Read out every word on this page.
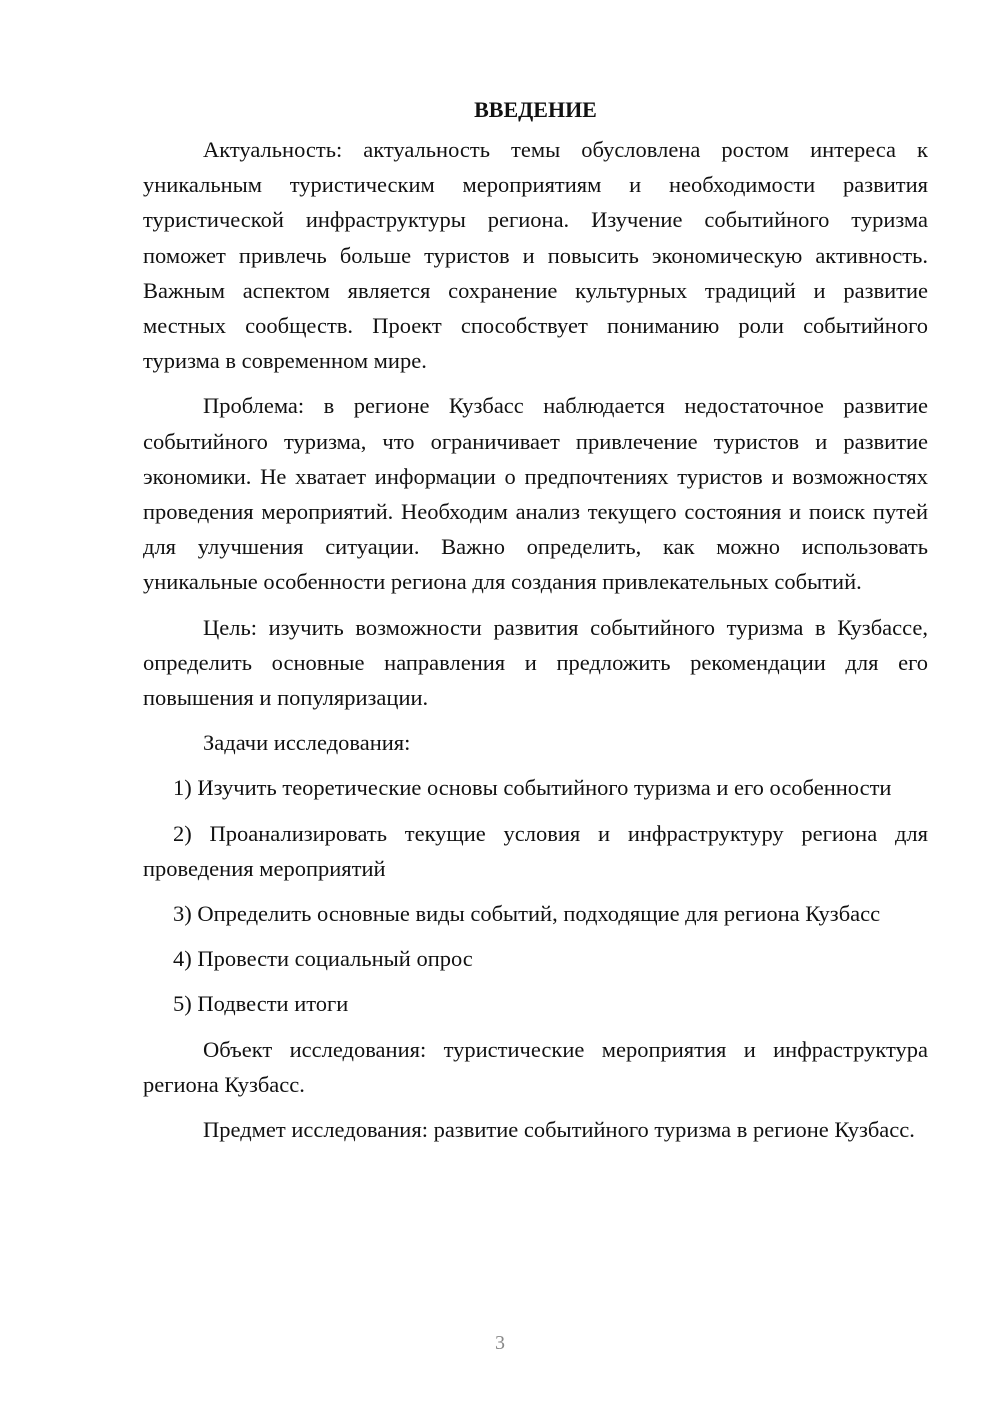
ВВЕДЕНИЕ

Актуальность: актуальность темы обусловлена ростом интереса к уникальным туристическим мероприятиям и необходимости развития туристической инфраструктуры региона. Изучение событийного туризма поможет привлечь больше туристов и повысить экономическую активность. Важным аспектом является сохранение культурных традиций и развитие местных сообществ. Проект способствует пониманию роли событийного туризма в современном мире.

Проблема: в регионе Кузбасс наблюдается недостаточное развитие событийного туризма, что ограничивает привлечение туристов и развитие экономики. Не хватает информации о предпочтениях туристов и возможностях проведения мероприятий. Необходим анализ текущего состояния и поиск путей для улучшения ситуации. Важно определить, как можно использовать уникальные особенности региона для создания привлекательных событий.

Цель: изучить возможности развития событийного туризма в Кузбассе, определить основные направления и предложить рекомендации для его повышения и популяризации.

Задачи исследования:

1) Изучить теоретические основы событийного туризма и его особенности

2) Проанализировать текущие условия и инфраструктуру региона для проведения мероприятий

3) Определить основные виды событий, подходящие для региона Кузбасс

4) Провести социальный опрос

5) Подвести итоги

Объект исследования: туристические мероприятия и инфраструктура региона Кузбасс.

Предмет исследования: развитие событийного туризма в регионе Кузбасс.

3
